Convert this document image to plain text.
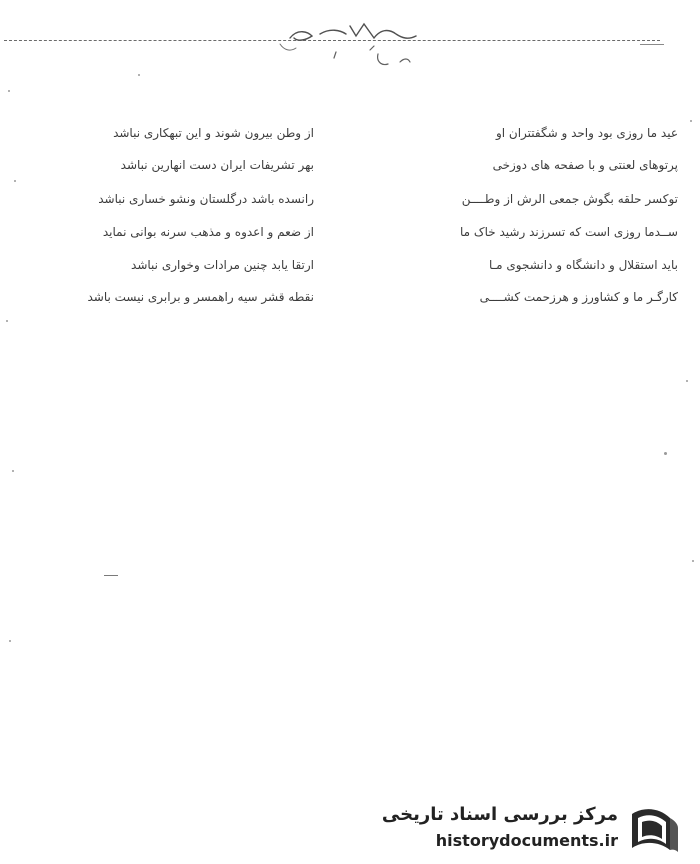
عید ما روزی بود واحد و شگفتتران او
پرتوهای لعنتی و با صفحه های دوزخی
توکسر حلقه بگوش جمعی الرش از وطــــن
ســدما روزی است که تسرزند رشید خاک ما
باید استقلال و دانشگاه و دانشجوی مـا
کارگـر ما و کشاورز و هرزحمت کشــــی
از وطن بیرون شوند و این تبهکاری نباشد
بهر تشریفات ایران دست انهارین نباشد
رانسده باشد درگلستان ونشو خساری نباشد
از ضعم و اعدوه و مذهب سرنه بوانی نماید
ارتقا یابد چنین مرادات وخواری نباشد
نقطه قشر سیه راهمسر و برابری نیست باشد
مرکز بررسی اسناد تاریخی
historydocuments.ir
